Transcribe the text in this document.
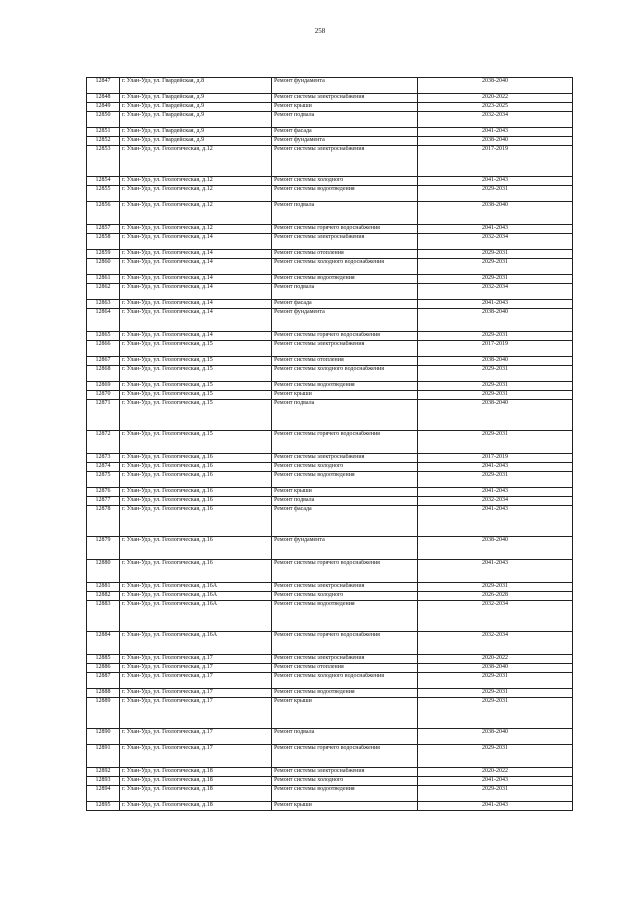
258
12847	г. Улан-Удэ, ул. Гвардейская, д.8	Ремонт фундамента	2038-2040
12848	г. Улан-Удэ, ул. Гвардейская, д.9	Ремонт системы электроснабжения	2020-2022
12849	г. Улан-Удэ, ул. Гвардейская, д.9	Ремонт крыши	2023-2025
12850	г. Улан-Удэ, ул. Гвардейская, д.9	Ремонт подвала	2032-2034
12851	г. Улан-Удэ, ул. Гвардейская, д.9	Ремонт фасада	2041-2043
12852	г. Улан-Удэ, ул. Гвардейская, д.9	Ремонт фундамента	2038-2040
12853	г. Улан-Удэ, ул. Геологическая, д.12	Ремонт системы электроснабжения	2017-2019
12854	г. Улан-Удэ, ул. Геологическая, д.12	Ремонт системы холодного	2041-2043
12855	г. Улан-Удэ, ул. Геологическая, д.12	Ремонт системы водоотведения	2029-2031
12856	г. Улан-Удэ, ул. Геологическая, д.12	Ремонт подвала	2038-2040
12857	г. Улан-Удэ, ул. Геологическая, д.12	Ремонт системы горячего водоснабжения	2041-2043
12858	г. Улан-Удэ, ул. Геологическая, д.14	Ремонт системы электроснабжения	2032-2034
12859	г. Улан-Удэ, ул. Геологическая, д.14	Ремонт системы отопления	2029-2031
12860	г. Улан-Удэ, ул. Геологическая, д.14	Ремонт системы холодного водоснабжения	2029-2031
12861	г. Улан-Удэ, ул. Геологическая, д.14	Ремонт системы водоотведения	2029-2031
12862	г. Улан-Удэ, ул. Геологическая, д.14	Ремонт подвала	2032-2034
12863	г. Улан-Удэ, ул. Геологическая, д.14	Ремонт фасада	2041-2043
12864	г. Улан-Удэ, ул. Геологическая, д.14	Ремонт фундамента	2038-2040
12865	г. Улан-Удэ, ул. Геологическая, д.14	Ремонт системы горячего водоснабжения	2029-2031
12866	г. Улан-Удэ, ул. Геологическая, д.15	Ремонт системы электроснабжения	2017-2019
12867	г. Улан-Удэ, ул. Геологическая, д.15	Ремонт системы отопления	2038-2040
12868	г. Улан-Удэ, ул. Геологическая, д.15	Ремонт системы холодного водоснабжения	2029-2031
12869	г. Улан-Удэ, ул. Геологическая, д.15	Ремонт системы водоотведения	2029-2031
12870	г. Улан-Удэ, ул. Геологическая, д.15	Ремонт крыши	2029-2031
12871	г. Улан-Удэ, ул. Геологическая, д.15	Ремонт подвала	2038-2040
12872	г. Улан-Удэ, ул. Геологическая, д.15	Ремонт системы горячего водоснабжения	2029-2031
12873	г. Улан-Удэ, ул. Геологическая, д.16	Ремонт системы электроснабжения	2017-2019
12874	г. Улан-Удэ, ул. Геологическая, д.16	Ремонт системы холодного	2041-2043
12875	г. Улан-Удэ, ул. Геологическая, д.16	Ремонт системы водоотведения	2029-2031
12876	г. Улан-Удэ, ул. Геологическая, д.16	Ремонт крыши	2041-2043
12877	г. Улан-Удэ, ул. Геологическая, д.16	Ремонт подвала	2032-2034
12878	г. Улан-Удэ, ул. Геологическая, д.16	Ремонт фасада	2041-2043
12879	г. Улан-Удэ, ул. Геологическая, д.16	Ремонт фундамента	2038-2040
12880	г. Улан-Удэ, ул. Геологическая, д.16	Ремонт системы горячего водоснабжения	2041-2043
12881	г. Улан-Удэ, ул. Геологическая, д.16А	Ремонт системы электроснабжения	2029-2031
12882	г. Улан-Удэ, ул. Геологическая, д.16А	Ремонт системы холодного	2026-2028
12883	г. Улан-Удэ, ул. Геологическая, д.16А	Ремонт системы водоотведения	2032-2034
12884	г. Улан-Удэ, ул. Геологическая, д.16А	Ремонт системы горячего водоснабжения	2032-2034
12885	г. Улан-Удэ, ул. Геологическая, д.17	Ремонт системы электроснабжения	2020-2022
12886	г. Улан-Удэ, ул. Геологическая, д.17	Ремонт системы отопления	2038-2040
12887	г. Улан-Удэ, ул. Геологическая, д.17	Ремонт системы холодного водоснабжения	2029-2031
12888	г. Улан-Удэ, ул. Геологическая, д.17	Ремонт системы водоотведения	2029-2031
12889	г. Улан-Удэ, ул. Геологическая, д.17	Ремонт крыши	2029-2031
12890	г. Улан-Удэ, ул. Геологическая, д.17	Ремонт подвала	2038-2040
12891	г. Улан-Удэ, ул. Геологическая, д.17	Ремонт системы горячего водоснабжения	2029-2031
12892	г. Улан-Удэ, ул. Геологическая, д.18	Ремонт системы электроснабжения	2020-2022
12893	г. Улан-Удэ, ул. Геологическая, д.18	Ремонт системы холодного	2041-2043
12894	г. Улан-Удэ, ул. Геологическая, д.18	Ремонт системы водоотведения	2029-2031
12895	г. Улан-Удэ, ул. Геологическая, д.18	Ремонт крыши	2041-2043
